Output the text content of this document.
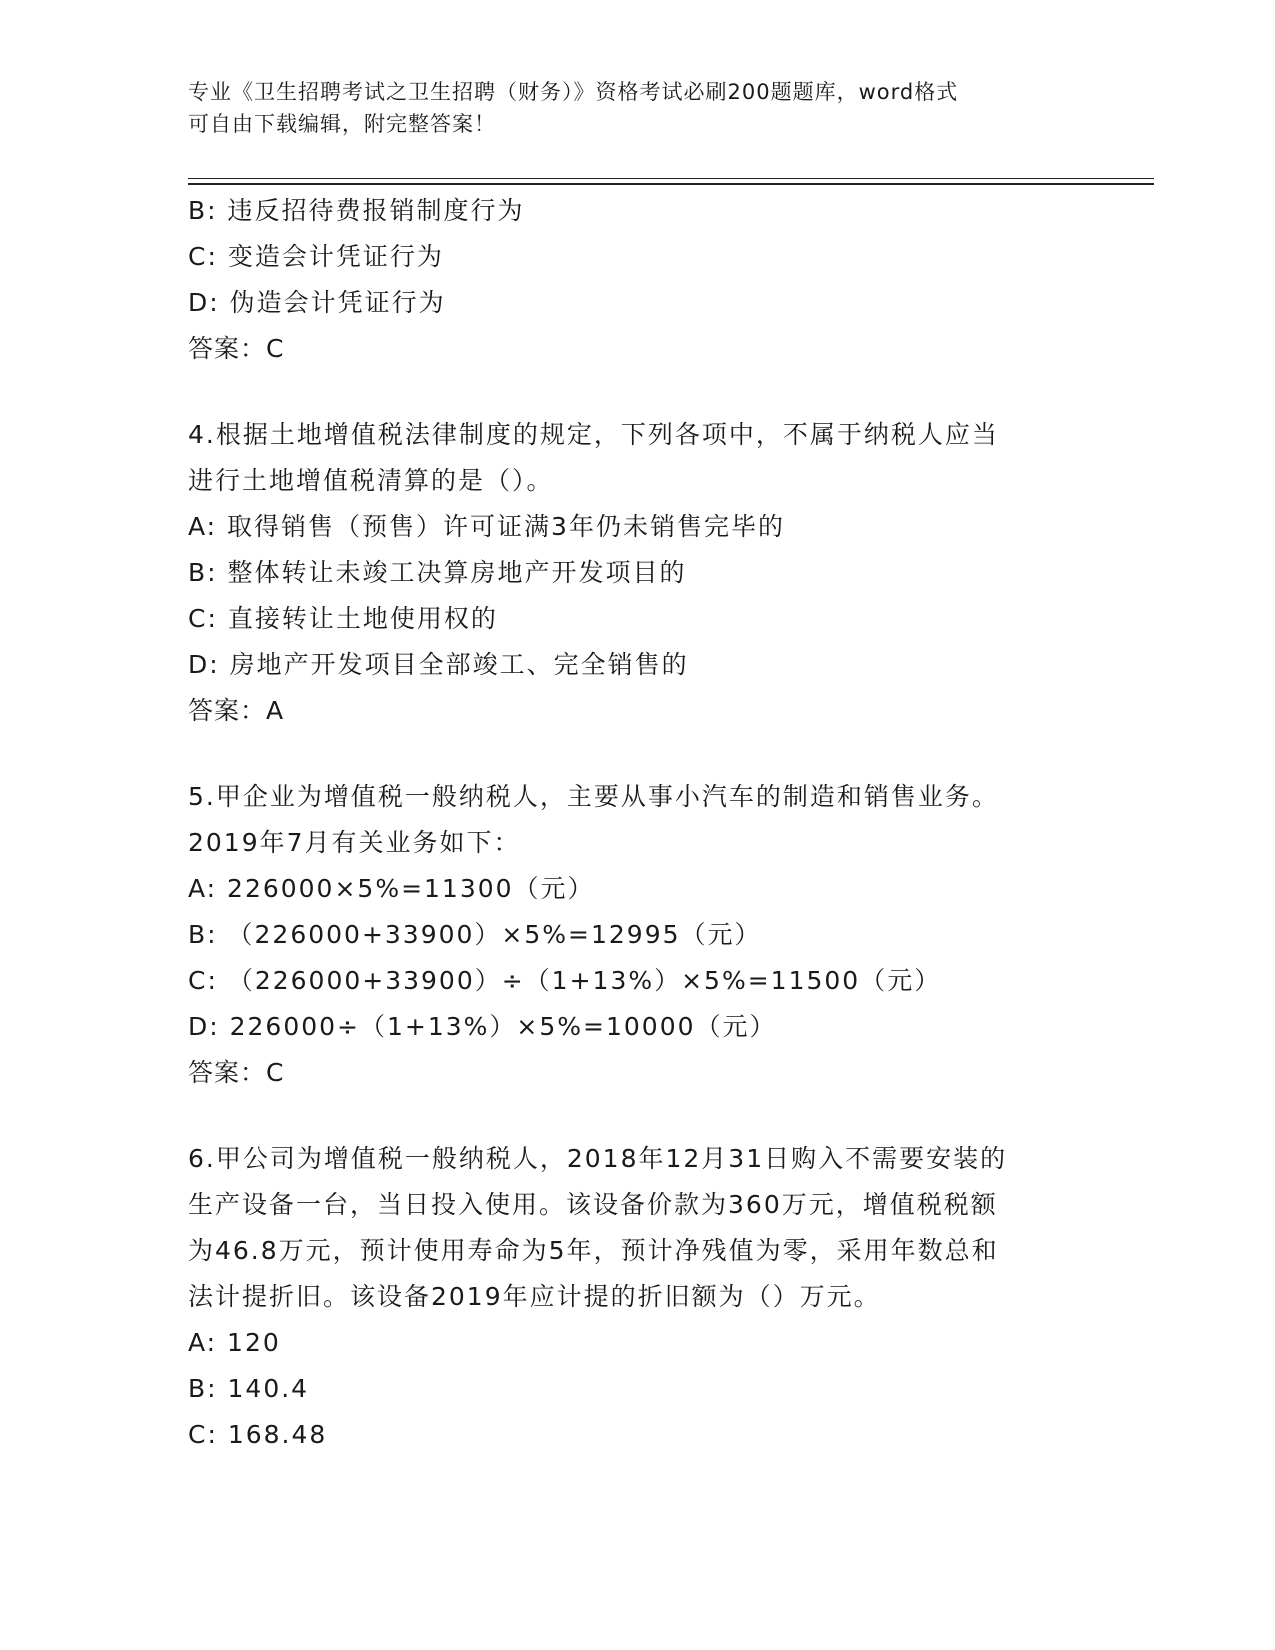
专业《卫生招聘考试之卫生招聘（财务）》资格考试必刷200题题库，word格式
可自由下载编辑，附完整答案！
B: 违反招待费报销制度行为
C: 变造会计凭证行为
D: 伪造会计凭证行为
答案：C
4.根据土地增值税法律制度的规定，下列各项中，不属于纳税人应当
进行土地增值税清算的是（）。
A: 取得销售（预售）许可证满3年仍未销售完毕的
B: 整体转让未竣工决算房地产开发项目的
C: 直接转让土地使用权的
D: 房地产开发项目全部竣工、完全销售的
答案：A
5.甲企业为增值税一般纳税人，主要从事小汽车的制造和销售业务。
2019年7月有关业务如下：
A: 226000×5%=11300（元）
B: （226000+33900）×5%=12995（元）
C: （226000+33900）÷（1+13%）×5%=11500（元）
D: 226000÷（1+13%）×5%=10000（元）
答案：C
6.甲公司为增值税一般纳税人，2018年12月31日购入不需要安装的
生产设备一台，当日投入使用。该设备价款为360万元，增值税税额
为46.8万元，预计使用寿命为5年，预计净残值为零，采用年数总和
法计提折旧。该设备2019年应计提的折旧额为（）万元。
A: 120
B: 140.4
C: 168.48
